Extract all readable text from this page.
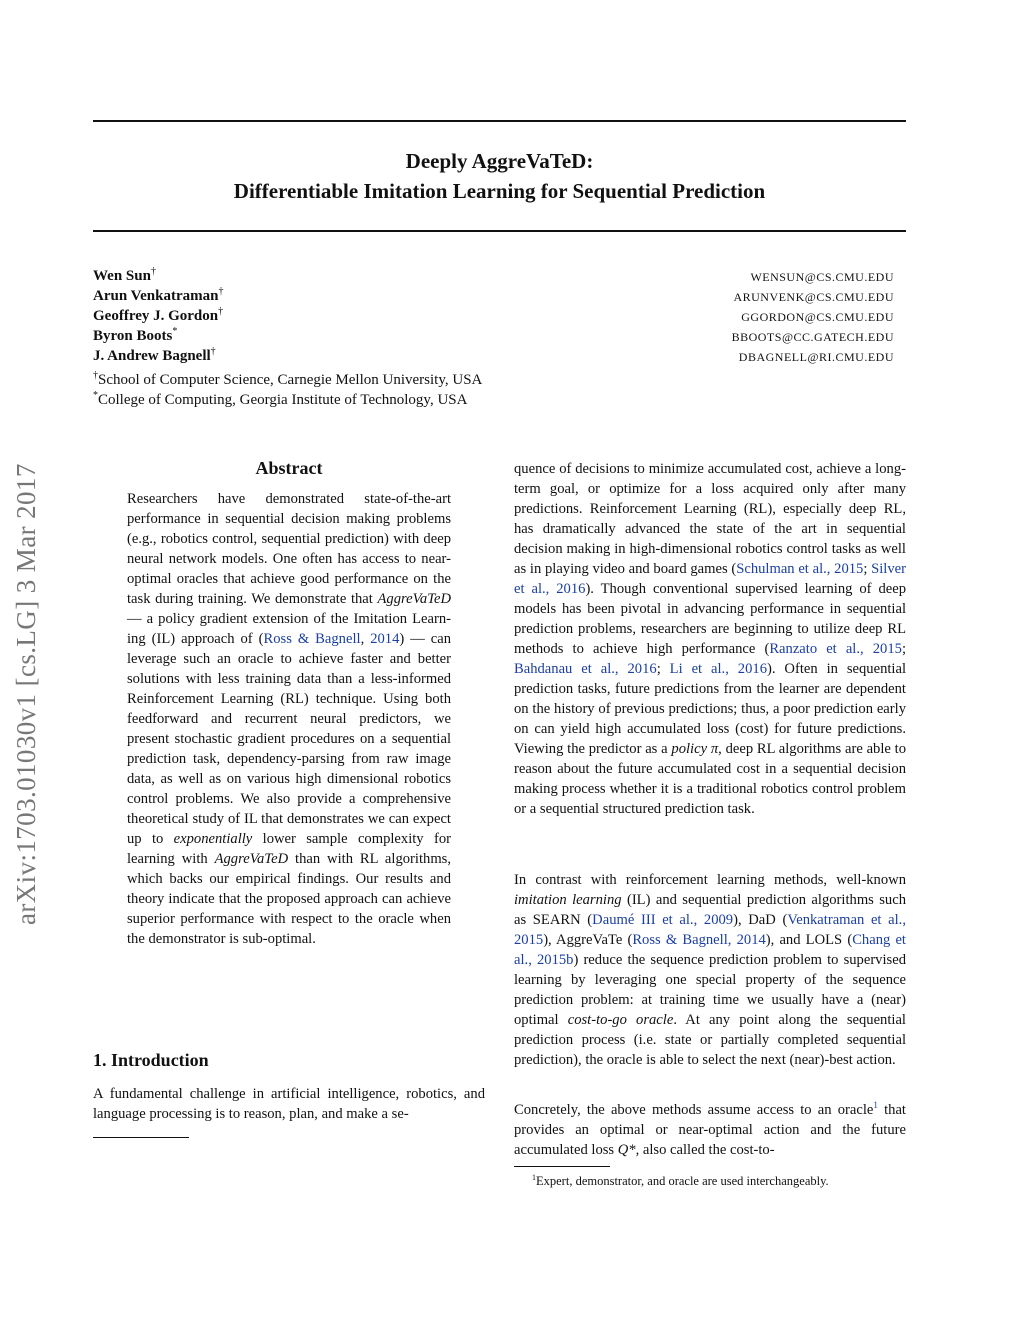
arXiv:1703.01030v1 [cs.LG] 3 Mar 2017
Deeply AggreVaTeD:
Differentiable Imitation Learning for Sequential Prediction
Wen Sun†	WENSUN@CS.CMU.EDU
Arun Venkatraman†	ARUNVENK@CS.CMU.EDU
Geoffrey J. Gordon†	GGORDON@CS.CMU.EDU
Byron Boots*	BBOOTS@CC.GATECH.EDU
J. Andrew Bagnell†	DBAGNELL@RI.CMU.EDU
†School of Computer Science, Carnegie Mellon University, USA
*College of Computing, Georgia Institute of Technology, USA
Abstract

Researchers have demonstrated state-of-the-art performance in sequential decision making problems (e.g., robotics control, sequential prediction) with deep neural network models. One often has access to near-optimal oracles that achieve good performance on the task during training. We demonstrate that AggreVaTeD — a policy gradient extension of the Imitation Learning (IL) approach of (Ross & Bagnell, 2014) — can leverage such an oracle to achieve faster and better solutions with less training data than a less-informed Reinforcement Learning (RL) technique. Using both feedforward and recurrent neural predictors, we present stochastic gradient procedures on a sequential prediction task, dependency-parsing from raw image data, as well as on various high dimensional robotics control problems. We also provide a comprehensive theoretical study of IL that demonstrates we can expect up to exponentially lower sample complexity for learning with AggreVaTeD than with RL algorithms, which backs our empirical findings. Our results and theory indicate that the proposed approach can achieve superior performance with respect to the oracle when the demonstrator is sub-optimal.

1. Introduction

A fundamental challenge in artificial intelligence, robotics, and language processing is to reason, plan, and make a se-

quence of decisions to minimize accumulated cost, achieve a long-term goal, or optimize for a loss acquired only after many predictions. Reinforcement Learning (RL), especially deep RL, has dramatically advanced the state of the art in sequential decision making in high-dimensional robotics control tasks as well as in playing video and board games (Schulman et al., 2015; Silver et al., 2016). Though conventional supervised learning of deep models has been pivotal in advancing performance in sequential prediction problems, researchers are beginning to utilize deep RL methods to achieve high performance (Ranzato et al., 2015; Bahdanau et al., 2016; Li et al., 2016). Often in sequential prediction tasks, future predictions from the learner are dependent on the history of previous predictions; thus, a poor prediction early on can yield high accumulated loss (cost) for future predictions. Viewing the predictor as a policy π, deep RL algorithms are able to reason about the future accumulated cost in a sequential decision making process whether it is a traditional robotics control problem or a sequential structured prediction task.

In contrast with reinforcement learning methods, well-known imitation learning (IL) and sequential prediction algorithms such as SEARN (Daumé III et al., 2009), DaD (Venkatraman et al., 2015), AggreVaTe (Ross & Bagnell, 2014), and LOLS (Chang et al., 2015b) reduce the sequence prediction problem to supervised learning by leveraging one special property of the sequence prediction problem: at training time we usually have a (near) optimal cost-to-go oracle. At any point along the sequential prediction process (i.e. state or partially completed sequential prediction), the oracle is able to select the next (near)-best action.

Concretely, the above methods assume access to an oracle$^1$ that provides an optimal or near-optimal action and the future accumulated loss Q*, also called the cost-to-

$^1$Expert, demonstrator, and oracle are used interchangeably.
